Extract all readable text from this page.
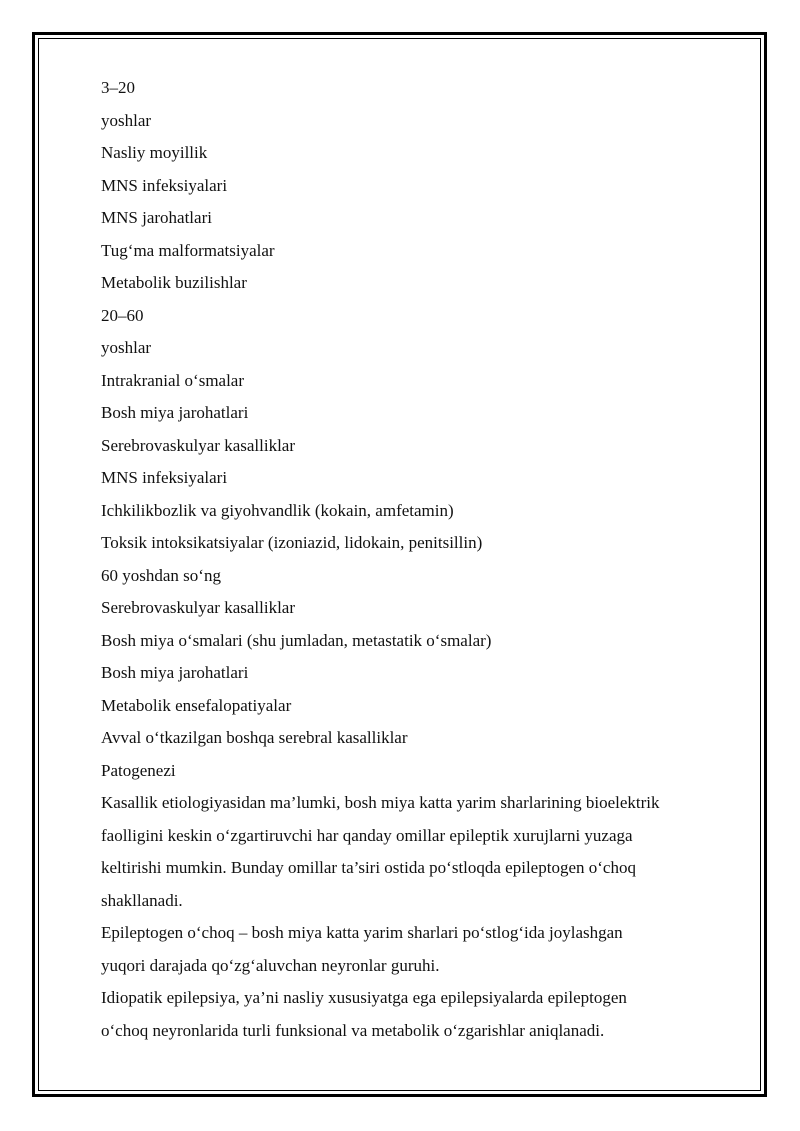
3–20
yoshlar
Nasliy moyillik
MNS infeksiyalari
MNS jarohatlari
Tug‘ma malformatsiyalar
Metabolik buzilishlar
20–60
yoshlar
Intrakranial o‘smalar
Bosh miya jarohatlari
Serebrovaskulyar kasalliklar
MNS infeksiyalari
Ichkilikbozlik va giyohvandlik (kokain, amfetamin)
Toksik intoksikatsiyalar (izoniazid, lidokain, penitsillin)
60 yoshdan so‘ng
Serebrovaskulyar kasalliklar
Bosh miya o‘smalari (shu jumladan, metastatik o‘smalar)
Bosh miya jarohatlari
Metabolik ensefalopatiyalar
Avval o‘tkazilgan boshqa serebral kasalliklar
Patogenezi
Kasallik etiologiyasidan ma’lumki, bosh miya katta yarim sharlarining bioelektrik
faolligini keskin o‘zgartiruvchi har qanday omillar epileptik xurujlarni yuzaga
keltirishi mumkin. Bunday omillar ta’siri ostida po‘stloqda epileptogen o‘choq
shakllanadi.
Epileptogen o‘choq – bosh miya katta yarim sharlari po‘stlog‘ida joylashgan
yuqori darajada qo‘zg‘aluvchan neyronlar guruhi.
Idiopatik epilepsiya, ya’ni nasliy xususiyatga ega epilepsiyalarda epileptogen
o‘choq neyronlarida turli funksional va metabolik o‘zgarishlar aniqlanadi.
